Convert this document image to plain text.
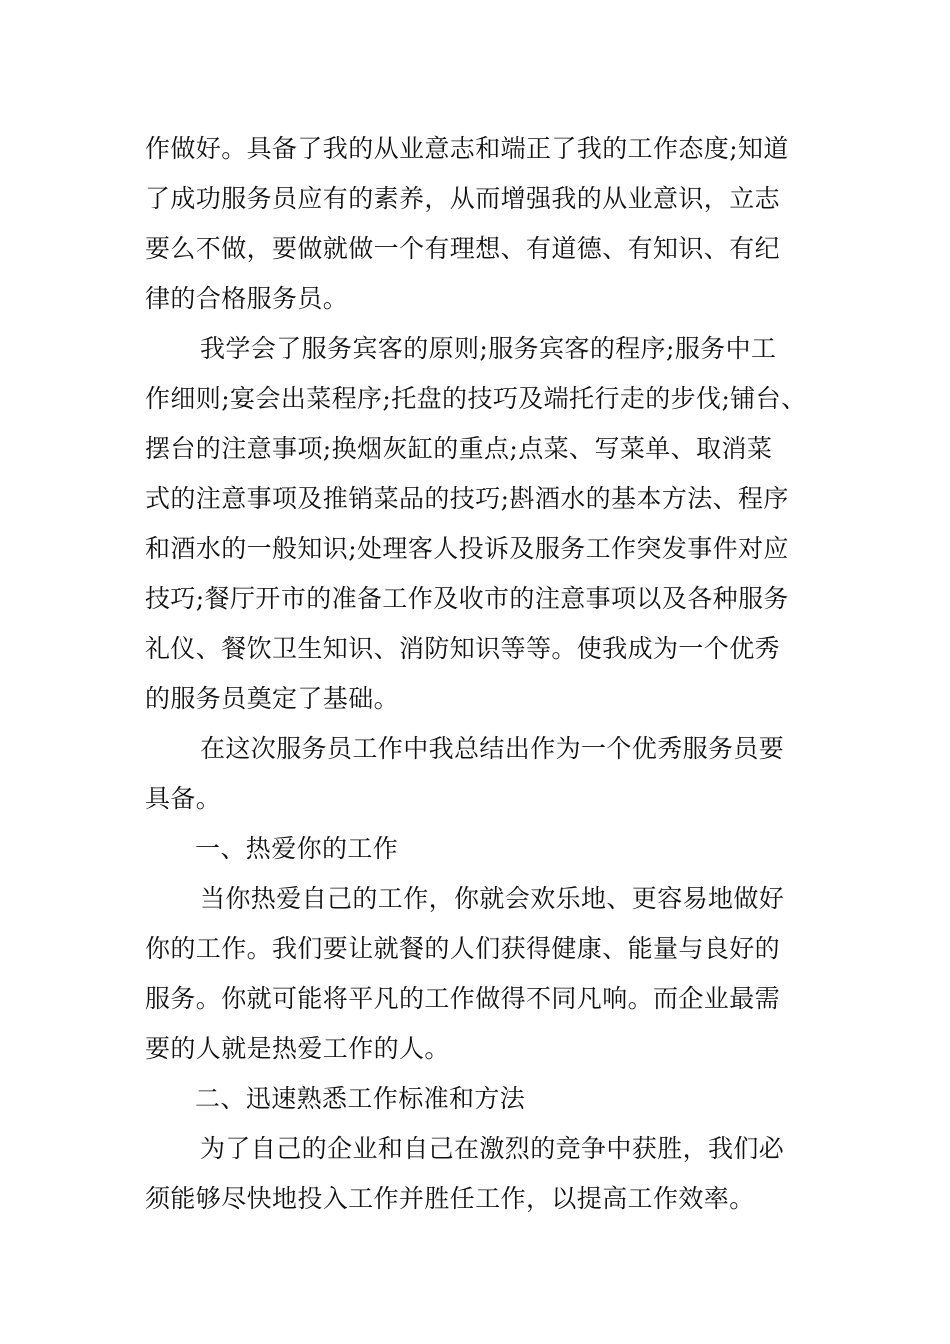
作做好。具备了我的从业意志和端正了我的工作态度;知道
了成功服务员应有的素养，从而增强我的从业意识，立志
要么不做，要做就做一个有理想、有道德、有知识、有纪
律的合格服务员。
我学会了服务宾客的原则;服务宾客的程序;服务中工
作细则;宴会出菜程序;托盘的技巧及端托行走的步伐;铺台、
摆台的注意事项;换烟灰缸的重点;点菜、写菜单、取消菜
式的注意事项及推销菜品的技巧;斟酒水的基本方法、程序
和酒水的一般知识;处理客人投诉及服务工作突发事件对应
技巧;餐厅开市的准备工作及收市的注意事项以及各种服务
礼仪、餐饮卫生知识、消防知识等等。使我成为一个优秀
的服务员奠定了基础。
在这次服务员工作中我总结出作为一个优秀服务员要
具备。
一、热爱你的工作
当你热爱自己的工作，你就会欢乐地、更容易地做好
你的工作。我们要让就餐的人们获得健康、能量与良好的
服务。你就可能将平凡的工作做得不同凡响。而企业最需
要的人就是热爱工作的人。
二、迅速熟悉工作标准和方法
为了自己的企业和自己在激烈的竞争中获胜，我们必
须能够尽快地投入工作并胜任工作，以提高工作效率。
